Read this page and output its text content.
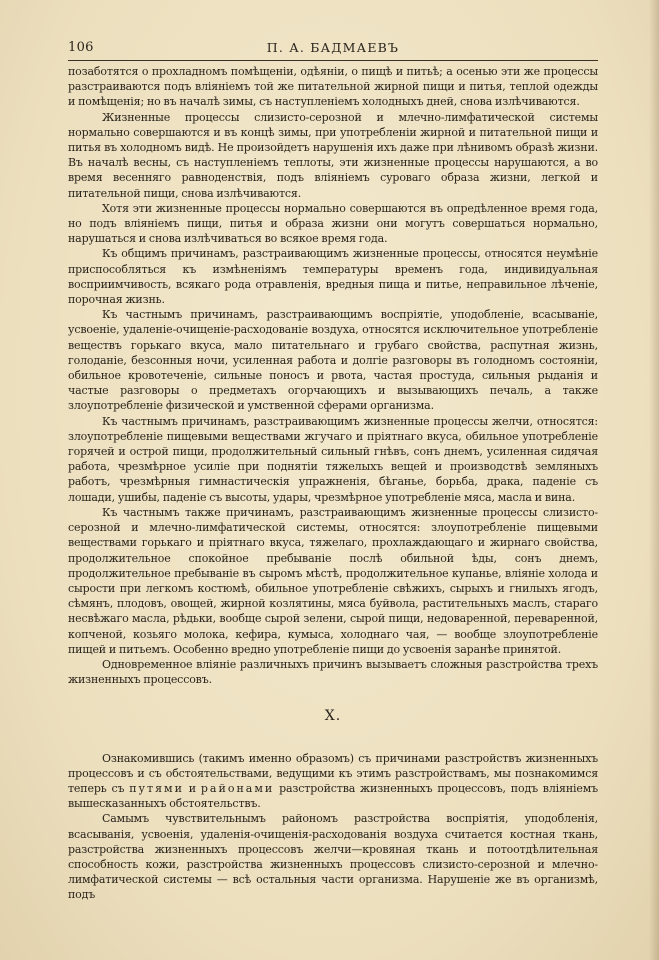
106	П. А. БАДМАЕВЪ

позаботятся о прохладномъ помѣщеніи, одѣяніи, о пищѣ и питьѣ; а осенью эти же процессы разстраиваются подъ вліяніемъ той же питательной жирной пищи и питья, теплой одежды и помѣщенія; но въ началѣ зимы, съ наступленіемъ холодныхъ дней, снова излѣчиваются.

Жизненные процессы слизисто-серозной и млечно-лимфатической системы нормально совершаются и въ концѣ зимы, при употребленіи жирной и питательной пищи и питья въ холодномъ видѣ. Не произойдетъ нарушенія ихъ даже при лѣнивомъ образѣ жизни. Въ началѣ весны, съ наступленіемъ теплоты, эти жизненные процессы нарушаются, а во время весенняго равноденствія, подъ вліяніемъ суроваго образа жизни, легкой и питательной пищи, снова излѣчиваются.

Хотя эти жизненные процессы нормально совершаются въ опредѣленное время года, но подъ вліяніемъ пищи, питья и образа жизни они могутъ совершаться нормально, нарушаться и снова излѣчиваться во всякое время года.

Къ общимъ причинамъ, разстраивающимъ жизненные процессы, относятся неумѣніе приспособляться къ измѣненіямъ температуры временъ года, индивидуальная восприимчивость, всякаго рода отравленія, вредныя пища и питье, неправильное лѣченіе, порочная жизнь.

Къ частнымъ причинамъ, разстраивающимъ воспріятіе, уподобленіе, всасываніе, усвоеніе, удаленіе-очищеніе-расходованіе воздуха, относятся исключительное употребленіе веществъ горькаго вкуса, мало питательнаго и грубаго свойства, распутная жизнь, голоданіе, безсонныя ночи, усиленная работа и долгіе разговоры въ голодномъ состояніи, обильное кровотеченіе, сильные поносъ и рвота, частая простуда, сильныя рыданія и частые разговоры о предметахъ огорчающихъ и вызывающихъ печаль, а также злоупотребленіе физической и умственной сферами организма.

Къ частнымъ причинамъ, разстраивающимъ жизненные процессы желчи, относятся: злоупотребленіе пищевыми веществами жгучаго и пріятнаго вкуса, обильное употребленіе горячей и острой пищи, продолжительный сильный гнѣвъ, сонъ днемъ, усиленная сидячая работа, чрезмѣрное усиліе при поднятіи тяжелыхъ вещей и производствѣ земляныхъ работъ, чрезмѣрныя гимнастическія упражненія, бѣганье, борьба, драка, паденіе съ лошади, ушибы, паденіе съ высоты, удары, чрезмѣрное употребленіе мяса, масла и вина.

Къ частнымъ также причинамъ, разстраивающимъ жизненные процессы слизисто-серозной и млечно-лимфатической системы, относятся: злоупотребленіе пищевыми веществами горькаго и пріятнаго вкуса, тяжелаго, прохлаждающаго и жирнаго свойства, продолжительное спокойное пребываніе послѣ обильной ѣды, сонъ днемъ, продолжительное пребываніе въ сыромъ мѣстѣ, продолжительное купанье, вліяніе холода и сырости при легкомъ костюмѣ, обильное употребленіе свѣжихъ, сырыхъ и гнилыхъ ягодъ, сѣмянъ, плодовъ, овощей, жирной козлятины, мяса буйвола, растительныхъ маслъ, стараго несвѣжаго масла, рѣдьки, вообще сырой зелени, сырой пищи, недоваренной, переваренной, копченой, козьяго молока, кефира, кумыса, холоднаго чая, — вообще злоупотребленіе пищей и питьемъ. Особенно вредно употребленіе пищи до усвоенія заранѣе принятой.

Одновременное вліяніе различныхъ причинъ вызываетъ сложныя разстройства трехъ жизненныхъ процессовъ.

X.

Ознакомившись (такимъ именно образомъ) съ причинами разстройствъ жизненныхъ процессовъ и съ обстоятельствами, ведущими къ этимъ разстройствамъ, мы познакомимся теперь съ путями и районами разстройства жизненныхъ процессовъ, подъ вліяніемъ вышесказанныхъ обстоятельствъ.

Самымъ чувствительнымъ райономъ разстройства воспріятія, уподобленія, всасыванія, усвоенія, удаленія-очищенія-расходованія воздуха считается костная ткань, разстройства жизненныхъ процессовъ желчи—кровяная ткань и потоотдѣлительная способность кожи, разстройства жизненныхъ процессовъ слизисто-серозной и млечно-лимфатической системы — всѣ остальныя части организма. Нарушеніе же въ организмѣ, подъ
